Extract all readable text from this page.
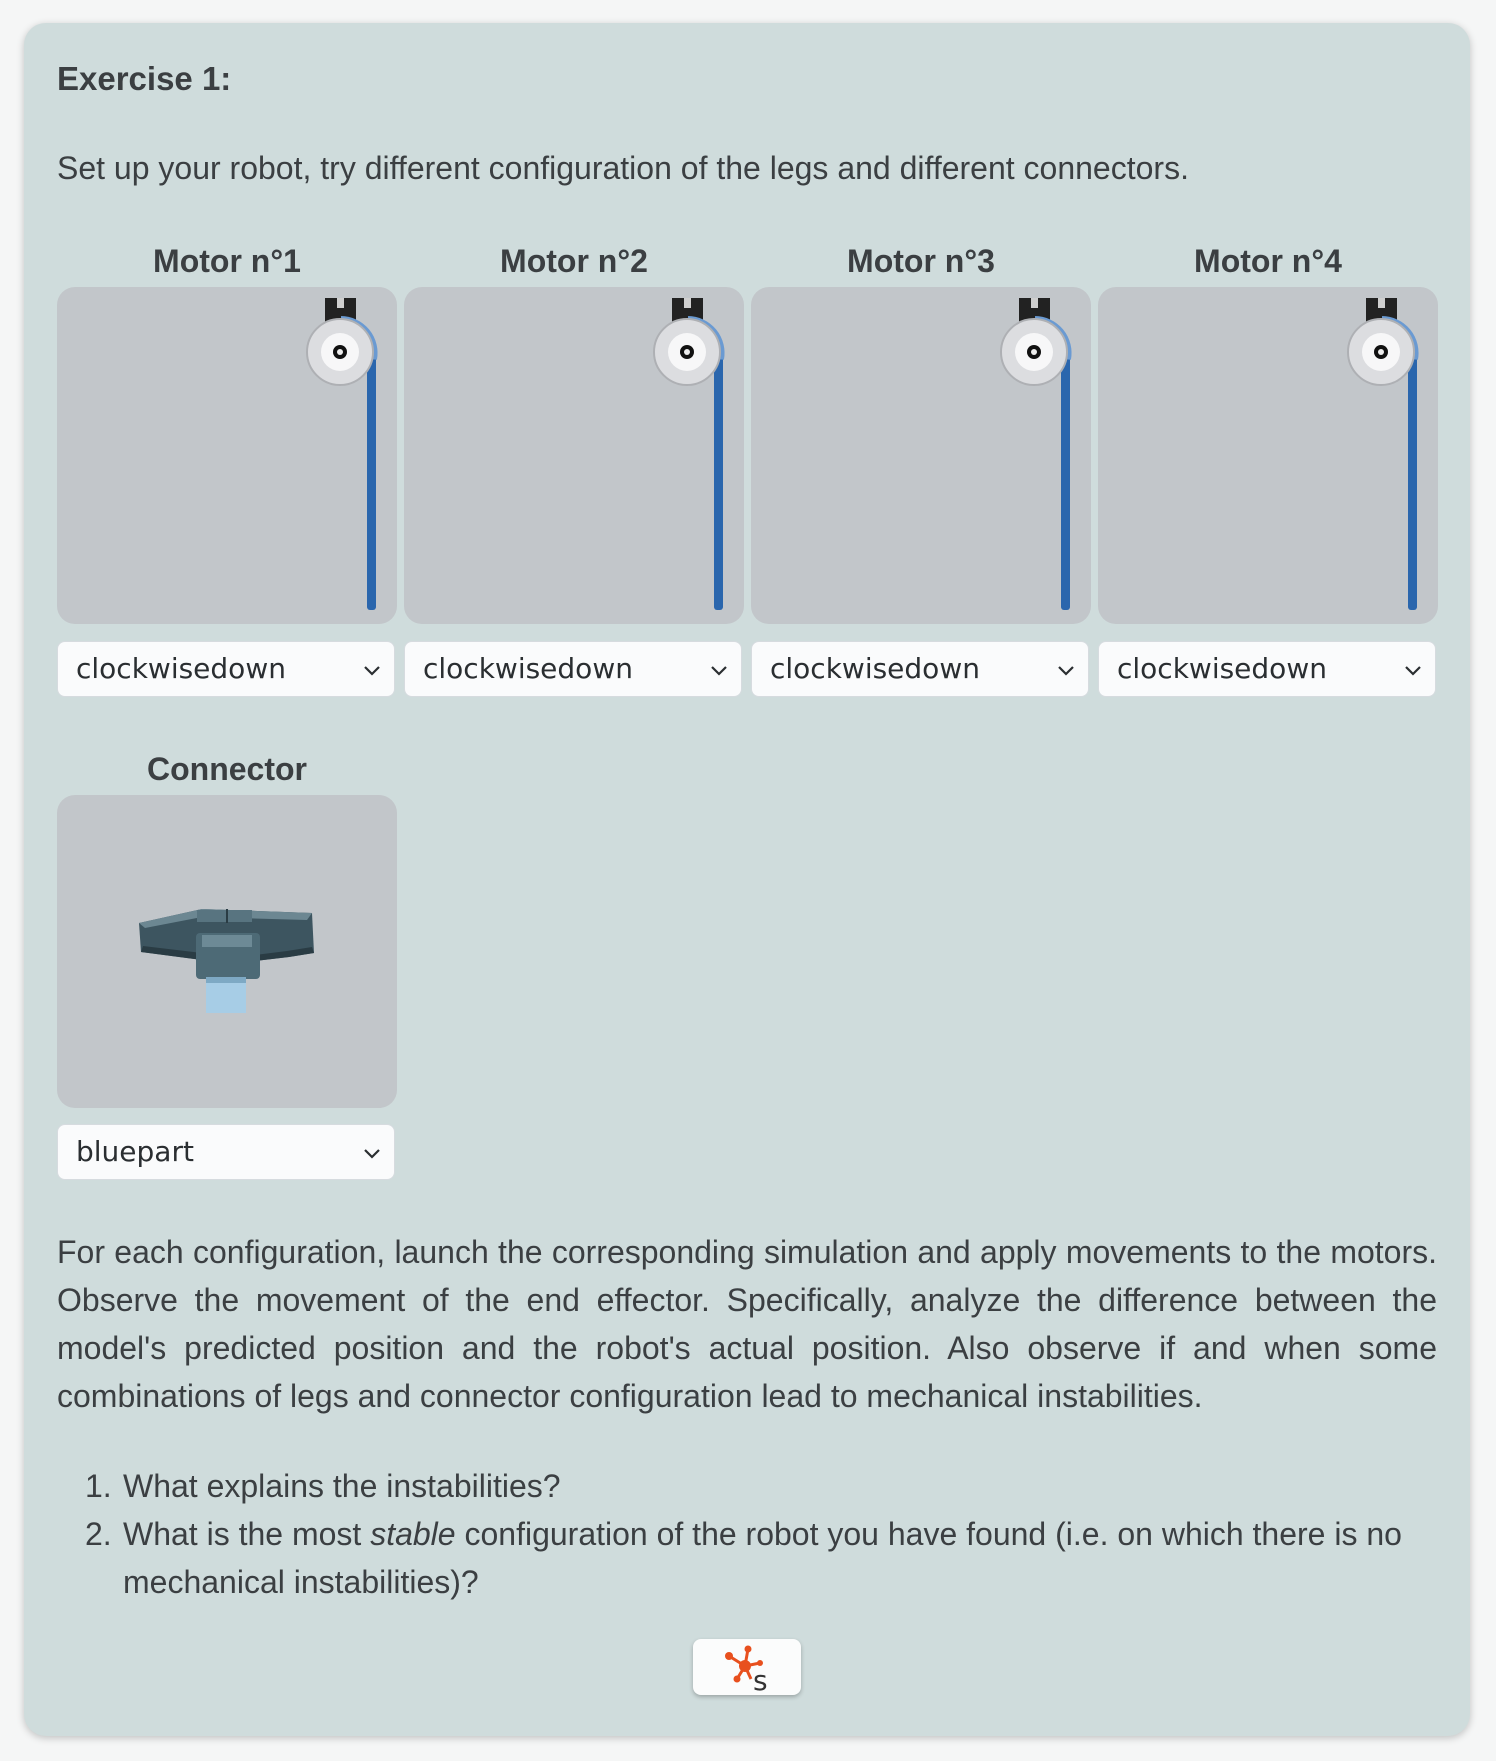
Exercise 1:
Set up your robot, try different configuration of the legs and different connectors.
Motor n°1	Motor n°2	Motor n°3	Motor n°4
clockwisedown	clockwisedown	clockwisedown	clockwisedown
Connector
bluepart
For each configuration, launch the corresponding simulation and apply movements to the motors. Observe the movement of the end effector. Specifically, analyze the difference between the model's predicted position and the robot's actual position. Also observe if and when some combinations of legs and connector configuration lead to mechanical instabilities.
1. What explains the instabilities?
2. What is the most stable configuration of the robot you have found (i.e. on which there is no mechanical instabilities)?
s
